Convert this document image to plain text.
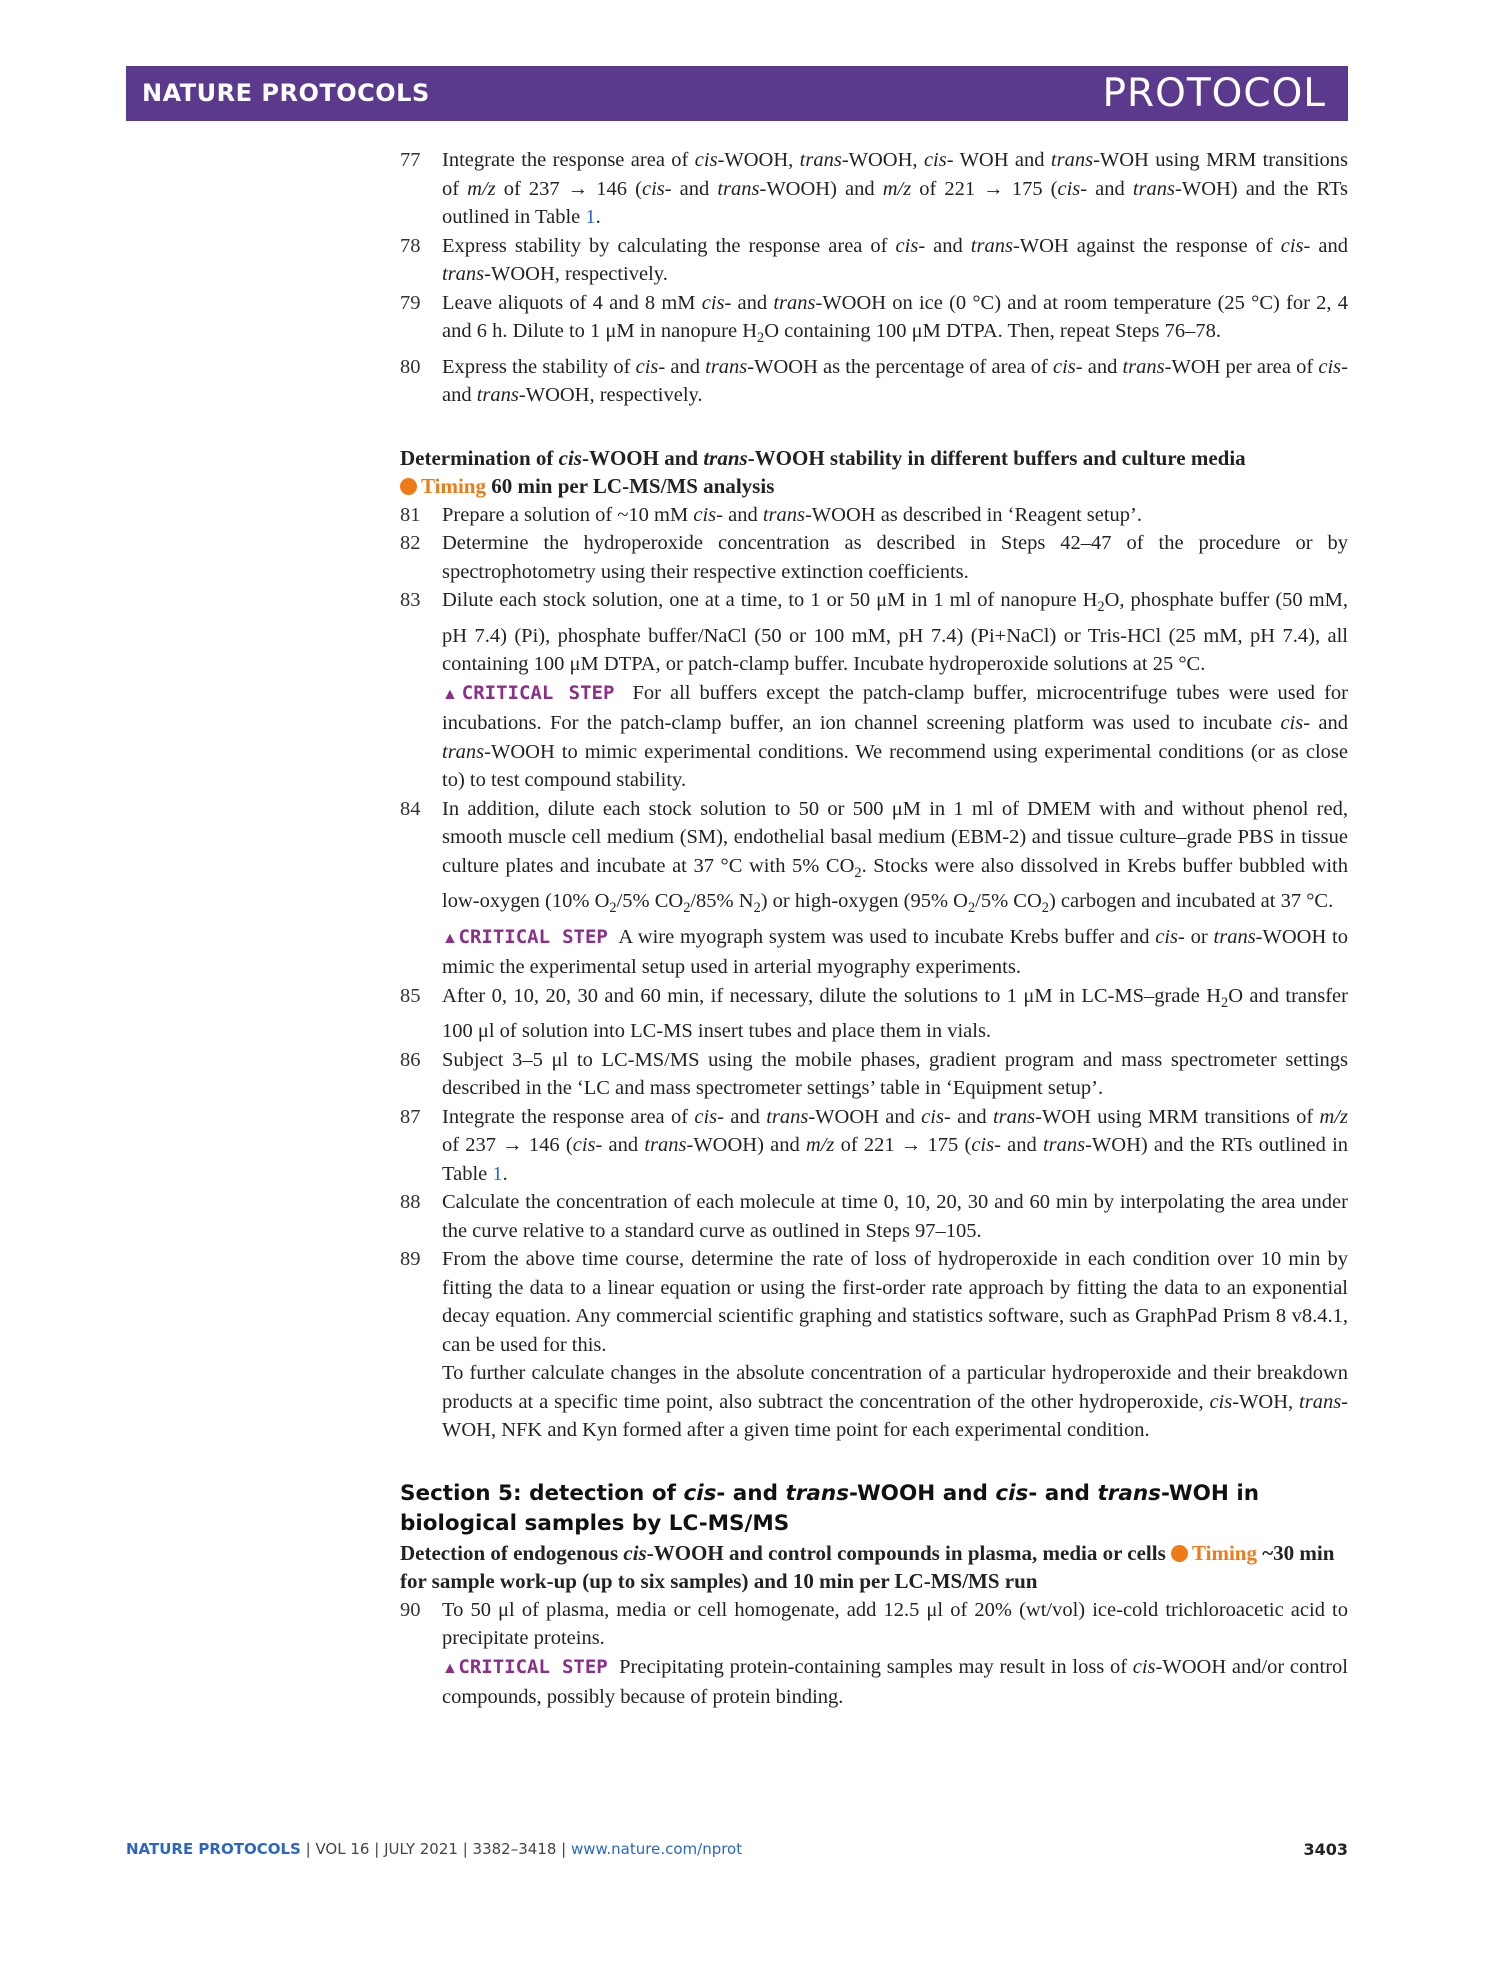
NATURE PROTOCOLS	PROTOCOL
77	Integrate the response area of cis-WOOH, trans-WOOH, cis- WOH and trans-WOH using MRM transitions of m/z of 237 → 146 (cis- and trans-WOOH) and m/z of 221 → 175 (cis- and trans-WOH) and the RTs outlined in Table 1.
78	Express stability by calculating the response area of cis- and trans-WOH against the response of cis- and trans-WOOH, respectively.
79	Leave aliquots of 4 and 8 mM cis- and trans-WOOH on ice (0 °C) and at room temperature (25 °C) for 2, 4 and 6 h. Dilute to 1 μM in nanopure $H_2O$ containing 100 μM DTPA. Then, repeat Steps 76–78.
80	Express the stability of cis- and trans-WOOH as the percentage of area of cis- and trans-WOH per area of cis- and trans-WOOH, respectively.
Determination of cis-WOOH and trans-WOOH stability in different buffers and culture media
Timing 60 min per LC-MS/MS analysis
81	Prepare a solution of ~10 mM cis- and trans-WOOH as described in ‘Reagent setup’.
82	Determine the hydroperoxide concentration as described in Steps 42–47 of the procedure or by spectrophotometry using their respective extinction coefficients.
83	Dilute each stock solution, one at a time, to 1 or 50 μM in 1 ml of nanopure $H_2O$, phosphate buffer (50 mM, pH 7.4) (Pi), phosphate buffer/NaCl (50 or 100 mM, pH 7.4) (Pi+NaCl) or Tris-HCl (25 mM, pH 7.4), all containing 100 μM DTPA, or patch-clamp buffer. Incubate hydroperoxide solutions at 25 °C.
▲CRITICAL STEP  For all buffers except the patch-clamp buffer, microcentrifuge tubes were used for incubations. For the patch-clamp buffer, an ion channel screening platform was used to incubate cis- and trans-WOOH to mimic experimental conditions. We recommend using experimental conditions (or as close to) to test compound stability.
84	In addition, dilute each stock solution to 50 or 500 μM in 1 ml of DMEM with and without phenol red, smooth muscle cell medium (SM), endothelial basal medium (EBM-2) and tissue culture–grade PBS in tissue culture plates and incubate at 37 °C with 5% $CO_2$. Stocks were also dissolved in Krebs buffer bubbled with low-oxygen (10% $O_2/5\%$ $CO_2/85\%$ $N_2$) or high-oxygen (95% $O_2/5\%$ $CO_2$) carbogen and incubated at 37 °C.
▲CRITICAL STEP  A wire myograph system was used to incubate Krebs buffer and cis- or trans-WOOH to mimic the experimental setup used in arterial myography experiments.
85	After 0, 10, 20, 30 and 60 min, if necessary, dilute the solutions to 1 μM in LC-MS–grade $H_2O$ and transfer 100 μl of solution into LC-MS insert tubes and place them in vials.
86	Subject 3–5 μl to LC-MS/MS using the mobile phases, gradient program and mass spectrometer settings described in the ‘LC and mass spectrometer settings’ table in ‘Equipment setup’.
87	Integrate the response area of cis- and trans-WOOH and cis- and trans-WOH using MRM transitions of m/z of 237 → 146 (cis- and trans-WOOH) and m/z of 221 → 175 (cis- and trans-WOH) and the RTs outlined in Table 1.
88	Calculate the concentration of each molecule at time 0, 10, 20, 30 and 60 min by interpolating the area under the curve relative to a standard curve as outlined in Steps 97–105.
89	From the above time course, determine the rate of loss of hydroperoxide in each condition over 10 min by fitting the data to a linear equation or using the first-order rate approach by fitting the data to an exponential decay equation. Any commercial scientific graphing and statistics software, such as GraphPad Prism 8 v8.4.1, can be used for this.
To further calculate changes in the absolute concentration of a particular hydroperoxide and their breakdown products at a specific time point, also subtract the concentration of the other hydroperoxide, cis-WOH, trans-WOH, NFK and Kyn formed after a given time point for each experimental condition.
Section 5: detection of cis- and trans-WOOH and cis- and trans-WOH in biological samples by LC-MS/MS
Detection of endogenous cis-WOOH and control compounds in plasma, media or cells Timing ~30 min for sample work-up (up to six samples) and 10 min per LC-MS/MS run
90	To 50 μl of plasma, media or cell homogenate, add 12.5 μl of 20% (wt/vol) ice-cold trichloroacetic acid to precipitate proteins.
▲CRITICAL STEP  Precipitating protein-containing samples may result in loss of cis-WOOH and/or control compounds, possibly because of protein binding.
NATURE PROTOCOLS | VOL 16 | JULY 2021 | 3382–3418 | www.nature.com/nprot	3403
